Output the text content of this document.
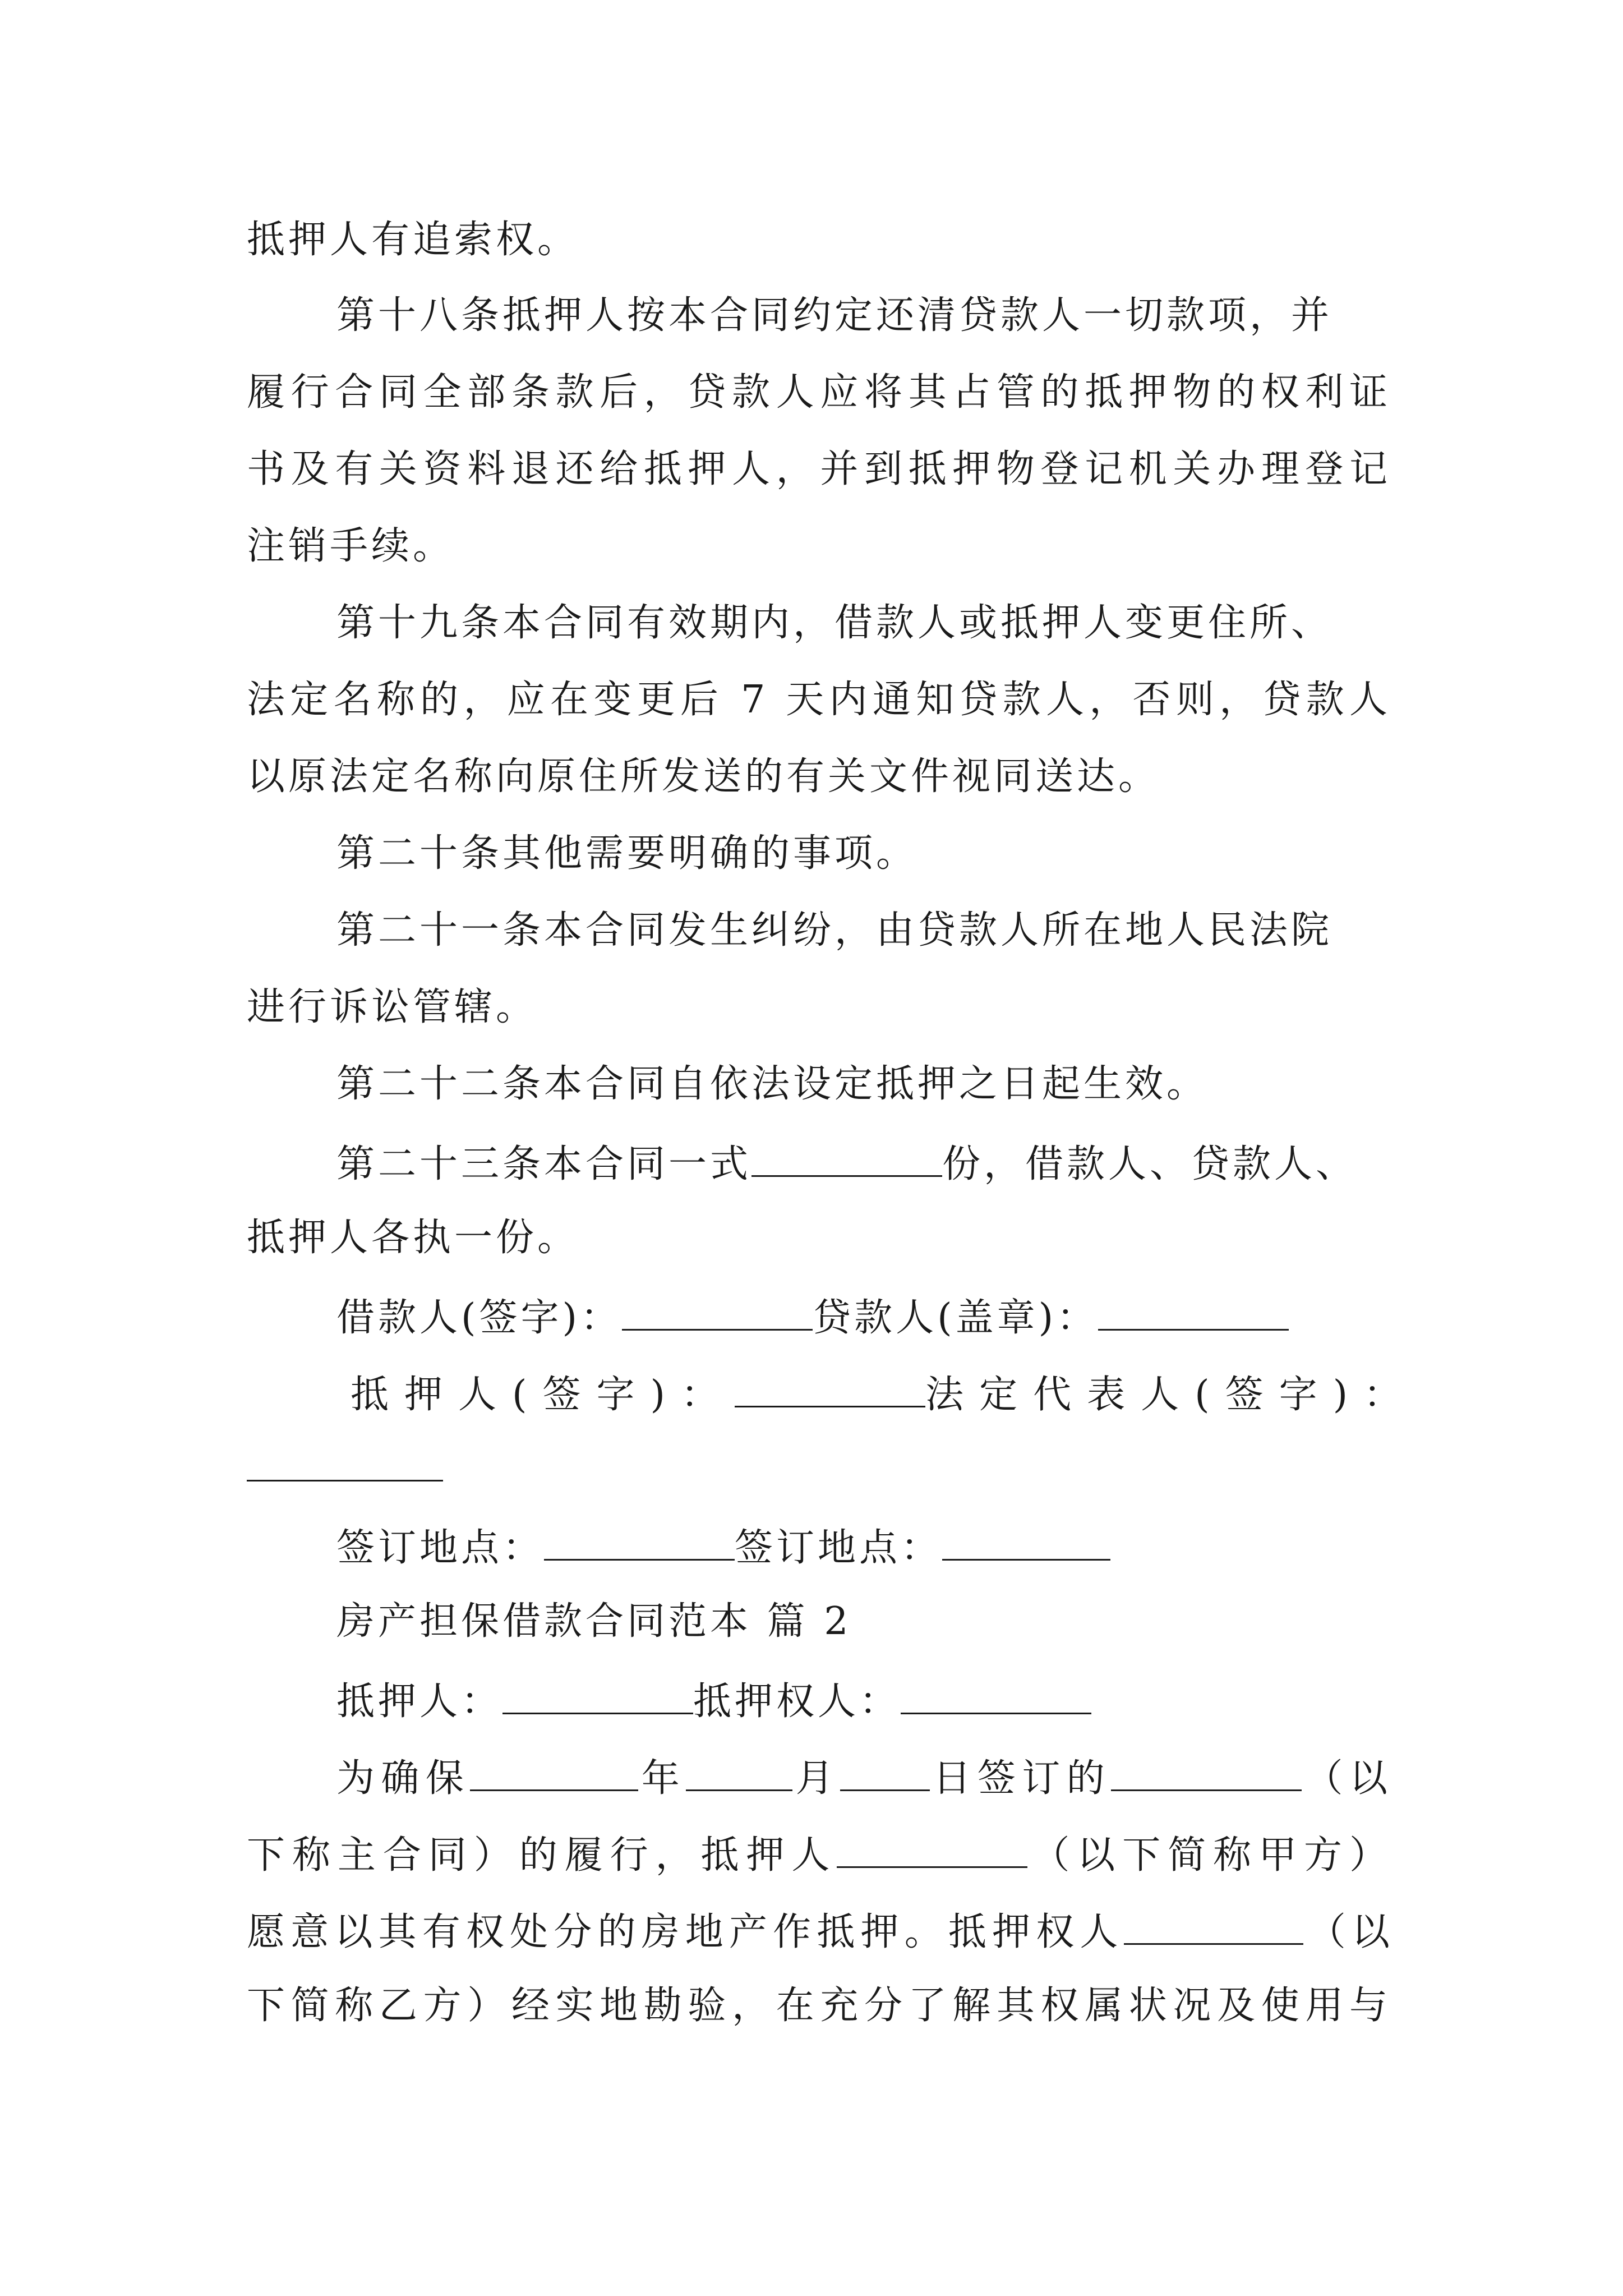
抵押人有追索权。
第十八条抵押人按本合同约定还清贷款人一切款项，并
履行合同全部条款后，贷款人应将其占管的抵押物的权利证
书及有关资料退还给抵押人，并到抵押物登记机关办理登记
注销手续。
第十九条本合同有效期内，借款人或抵押人变更住所、
法定名称的，应在变更后 7 天内通知贷款人，否则，贷款人
以原法定名称向原住所发送的有关文件视同送达。
第二十条其他需要明确的事项。
第二十一条本合同发生纠纷，由贷款人所在地人民法院
进行诉讼管辖。
第二十二条本合同自依法设定抵押之日起生效。
第二十三条本合同一式	份，借款人、贷款人、
抵押人各执一份。
借款人(签字)：	贷款人(盖章)：
抵押人(签字)：	法定代表人(签字)：
签订地点：	签订地点：
房产担保借款合同范本 篇 2
抵押人：	抵押权人：
为确保	年	月 日签订的	（以
下称主合同）的履行，抵押人	（以下简称甲方）
愿意以其有权处分的房地产作抵押。抵押权人	（以
下简称乙方）经实地勘验，在充分了解其权属状况及使用与
